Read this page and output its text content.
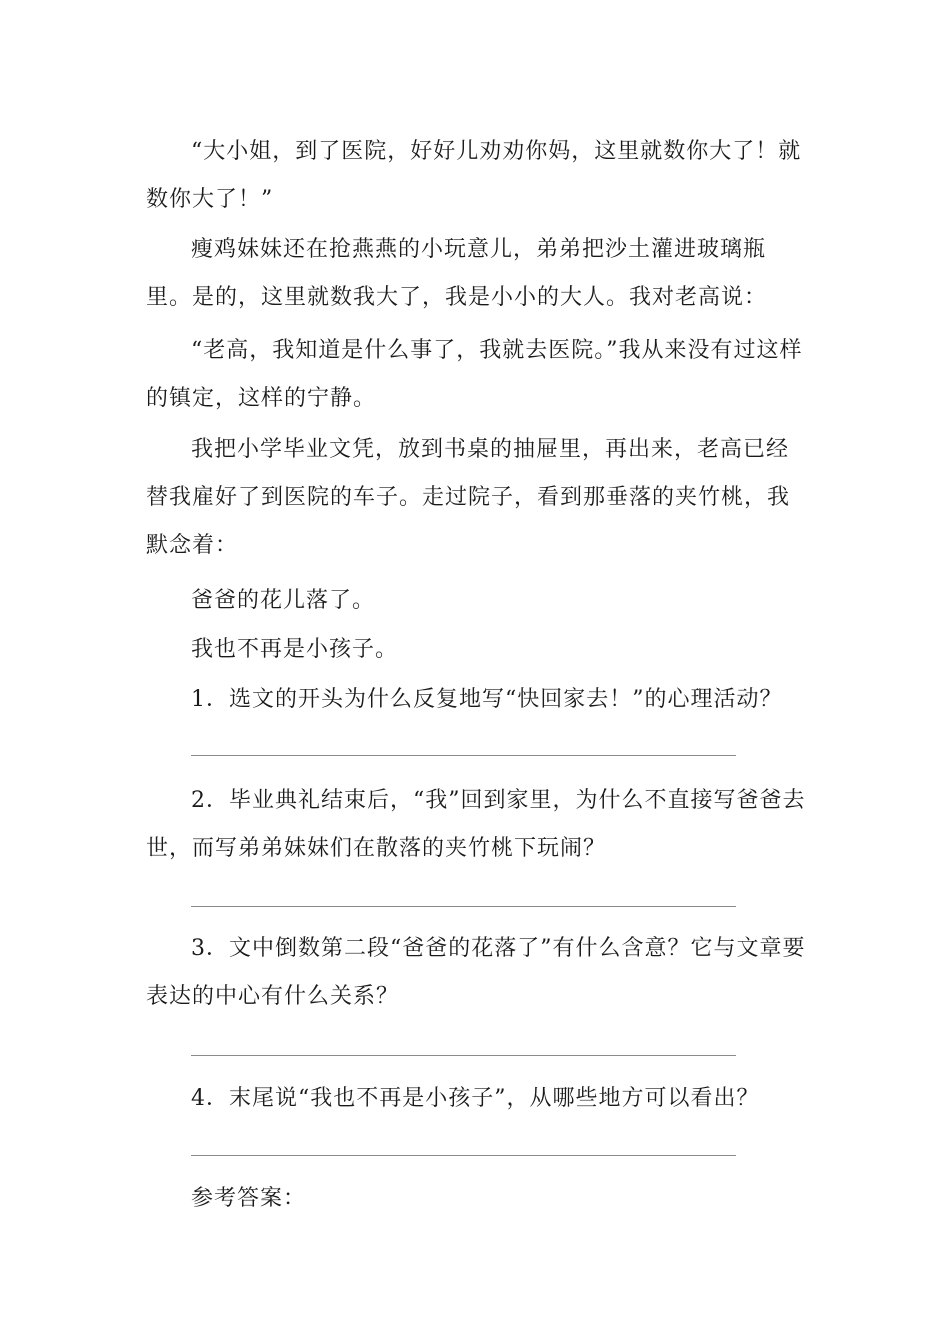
“大小姐，到了医院，好好儿劝劝你妈，这里就数你大了！就数你大了！”

瘦鸡妹妹还在抢燕燕的小玩意儿，弟弟把沙土灌进玻璃瓶里。是的，这里就数我大了，我是小小的大人。我对老高说：

“老高，我知道是什么事了，我就去医院。”我从来没有过这样的镇定，这样的宁静。

我把小学毕业文凭，放到书桌的抽屉里，再出来，老高已经替我雇好了到医院的车子。走过院子，看到那垂落的夹竹桃，我默念着：

爸爸的花儿落了。

我也不再是小孩子。

1．选文的开头为什么反复地写“快回家去！”的心理活动？

2．毕业典礼结束后，“我”回到家里，为什么不直接写爸爸去世，而写弟弟妹妹们在散落的夹竹桃下玩闹？

3．文中倒数第二段“爸爸的花落了”有什么含意？它与文章要表达的中心有什么关系？

4．末尾说“我也不再是小孩子”，从哪些地方可以看出？

参考答案：
